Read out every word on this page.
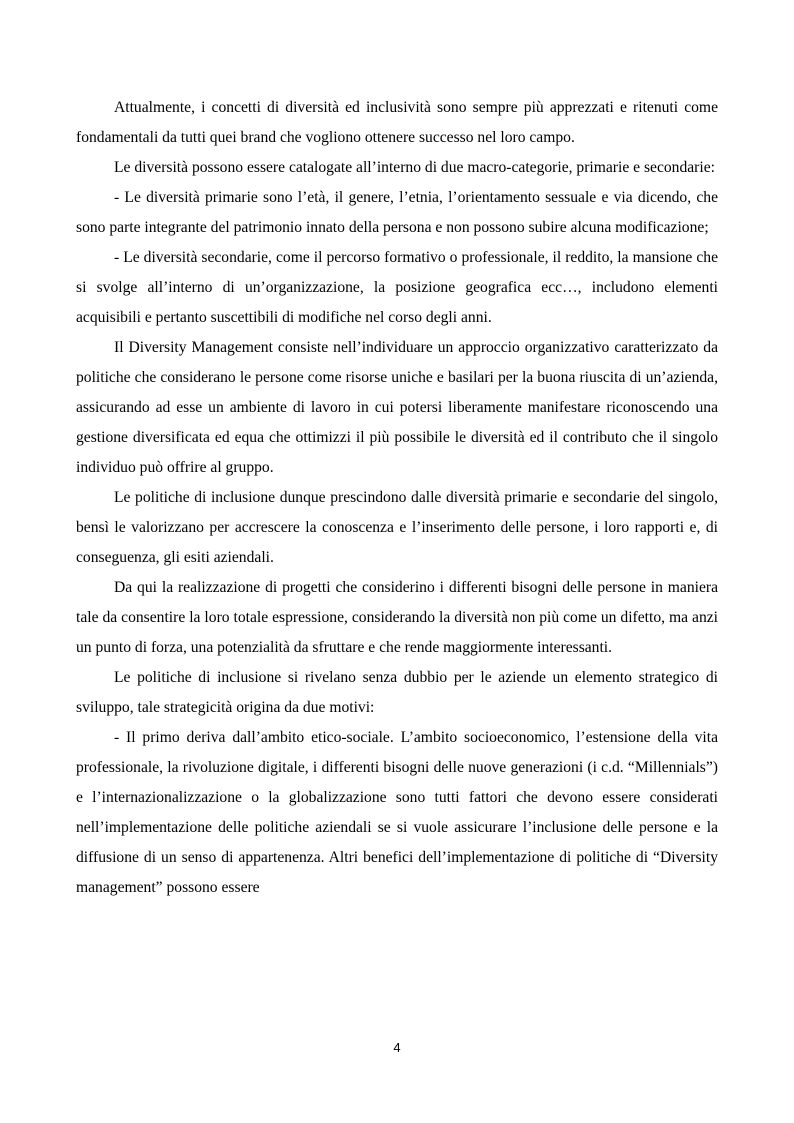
Attualmente, i concetti di diversità ed inclusività sono sempre più apprezzati e ritenuti come fondamentali da tutti quei brand che vogliono ottenere successo nel loro campo.

Le diversità possono essere catalogate all’interno di due macro-categorie, primarie e secondarie:

- Le diversità primarie sono l’età, il genere, l’etnia, l’orientamento sessuale e via dicendo, che sono parte integrante del patrimonio innato della persona e non possono subire alcuna modificazione;

- Le diversità secondarie, come il percorso formativo o professionale, il reddito, la mansione che si svolge all’interno di un’organizzazione, la posizione geografica ecc…, includono elementi acquisibili e pertanto suscettibili di modifiche nel corso degli anni.

Il Diversity Management consiste nell’individuare un approccio organizzativo caratterizzato da politiche che considerano le persone come risorse uniche e basilari per la buona riuscita di un’azienda, assicurando ad esse un ambiente di lavoro in cui potersi liberamente manifestare riconoscendo una gestione diversificata ed equa che ottimizzi il più possibile le diversità ed il contributo che il singolo individuo può offrire al gruppo.

Le politiche di inclusione dunque prescindono dalle diversità primarie e secondarie del singolo, bensì le valorizzano per accrescere la conoscenza e l’inserimento delle persone, i loro rapporti e, di conseguenza, gli esiti aziendali.

Da qui la realizzazione di progetti che considerino i differenti bisogni delle persone in maniera tale da consentire la loro totale espressione, considerando la diversità non più come un difetto, ma anzi un punto di forza, una potenzialità da sfruttare e che rende maggiormente interessanti.

Le politiche di inclusione si rivelano senza dubbio per le aziende un elemento strategico di sviluppo, tale strategicità origina da due motivi:

- Il primo deriva dall’ambito etico-sociale. L’ambito socioeconomico, l’estensione della vita professionale, la rivoluzione digitale, i differenti bisogni delle nuove generazioni (i c.d. “Millennials”) e l’internazionalizzazione o la globalizzazione sono tutti fattori che devono essere considerati nell’implementazione delle politiche aziendali se si vuole assicurare l’inclusione delle persone e la diffusione di un senso di appartenenza. Altri benefici dell’implementazione di politiche di “Diversity management” possono essere

4
